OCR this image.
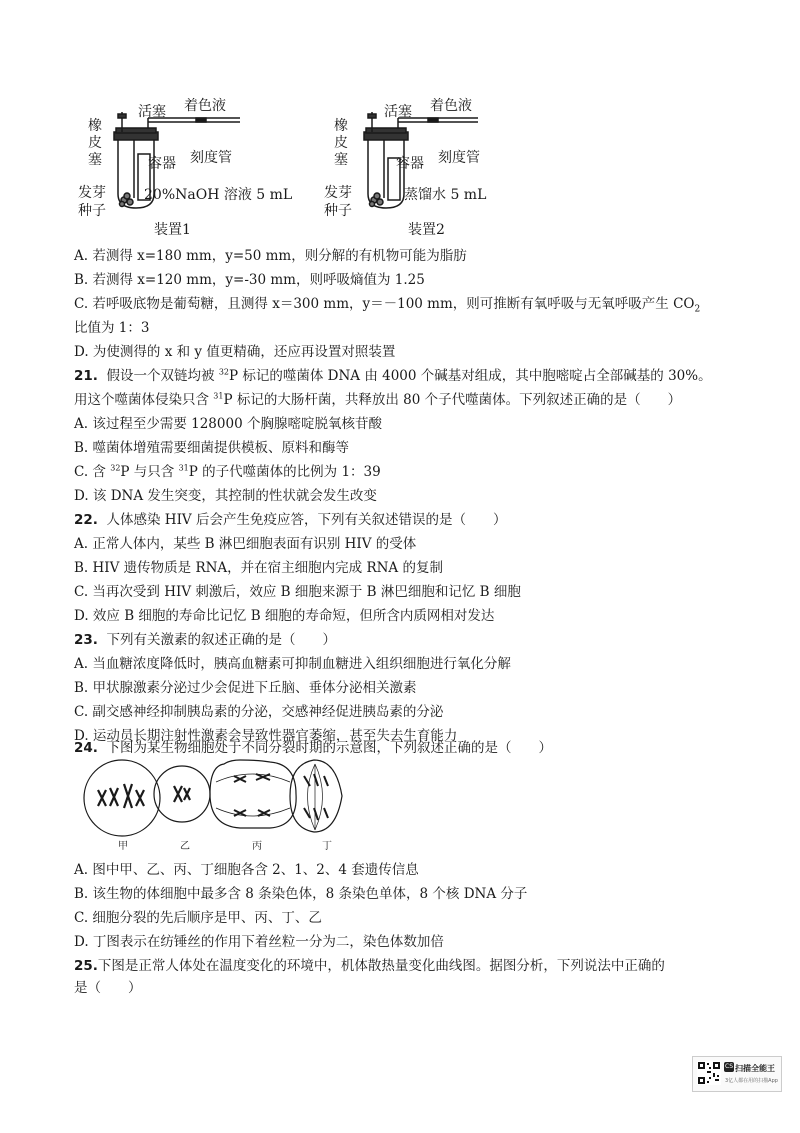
活塞 着色液
橡
皮
塞	容器 刻度管
发芽
种子
20%NaOH 溶液 5 mL
装置1
活塞 着色液
橡
皮
塞	容器 刻度管
发芽
种子
蒸馏水 5 mL
装置2
A. 若测得 x=180 mm，y=50 mm，则分解的有机物可能为脂肪
B. 若测得 x=120 mm，y=-30 mm，则呼吸熵值为 1.25
C. 若呼吸底物是葡萄糖，且测得 x＝300 mm，y＝－100 mm，则可推断有氧呼吸与无氧呼吸产生 $CO_2$
比值为 1：3
D. 为使测得的 x 和 y 值更精确，还应再设置对照装置
21. 假设一个双链均被 $^{32}$P 标记的噬菌体 DNA 由 4000 个碱基对组成，其中胞嘧啶占全部碱基的 30%。
用这个噬菌体侵染只含 $^{31}$P 标记的大肠杆菌，共释放出 80 个子代噬菌体。下列叙述正确的是（　　）
A. 该过程至少需要 128000 个胸腺嘧啶脱氧核苷酸
B. 噬菌体增殖需要细菌提供模板、原料和酶等
C. 含 $^{32}$P 与只含 $^{31}$P 的子代噬菌体的比例为 1：39
D. 该 DNA 发生突变，其控制的性状就会发生改变
22. 人体感染 HIV 后会产生免疫应答，下列有关叙述错误的是（　　）
A. 正常人体内，某些 B 淋巴细胞表面有识别 HIV 的受体
B. HIV 遗传物质是 RNA，并在宿主细胞内完成 RNA 的复制
C. 当再次受到 HIV 刺激后，效应 B 细胞来源于 B 淋巴细胞和记忆 B 细胞
D. 效应 B 细胞的寿命比记忆 B 细胞的寿命短，但所含内质网相对发达
23. 下列有关激素的叙述正确的是（　　）
A. 当血糖浓度降低时，胰高血糖素可抑制血糖进入组织细胞进行氧化分解
B. 甲状腺激素分泌过少会促进下丘脑、垂体分泌相关激素
C. 副交感神经抑制胰岛素的分泌，交感神经促进胰岛素的分泌
D. 运动员长期注射性激素会导致性器官萎缩，甚至失去生育能力
24. 下图为某生物细胞处于不同分裂时期的示意图，下列叙述正确的是（　　）
甲	乙	丙	丁
A. 图中甲、乙、丙、丁细胞各含 2、1、2、4 套遗传信息
B. 该生物的体细胞中最多含 8 条染色体，8 条染色单体，8 个核 DNA 分子
C. 细胞分裂的先后顺序是甲、丙、丁、乙
D. 丁图表示在纺锤丝的作用下着丝粒一分为二，染色体数加倍
25.下图是正常人体处在温度变化的环境中，机体散热量变化曲线图。据图分析，下列说法中正确的
是（　　）
CS 扫描全能王
3亿人都在用的扫描App
